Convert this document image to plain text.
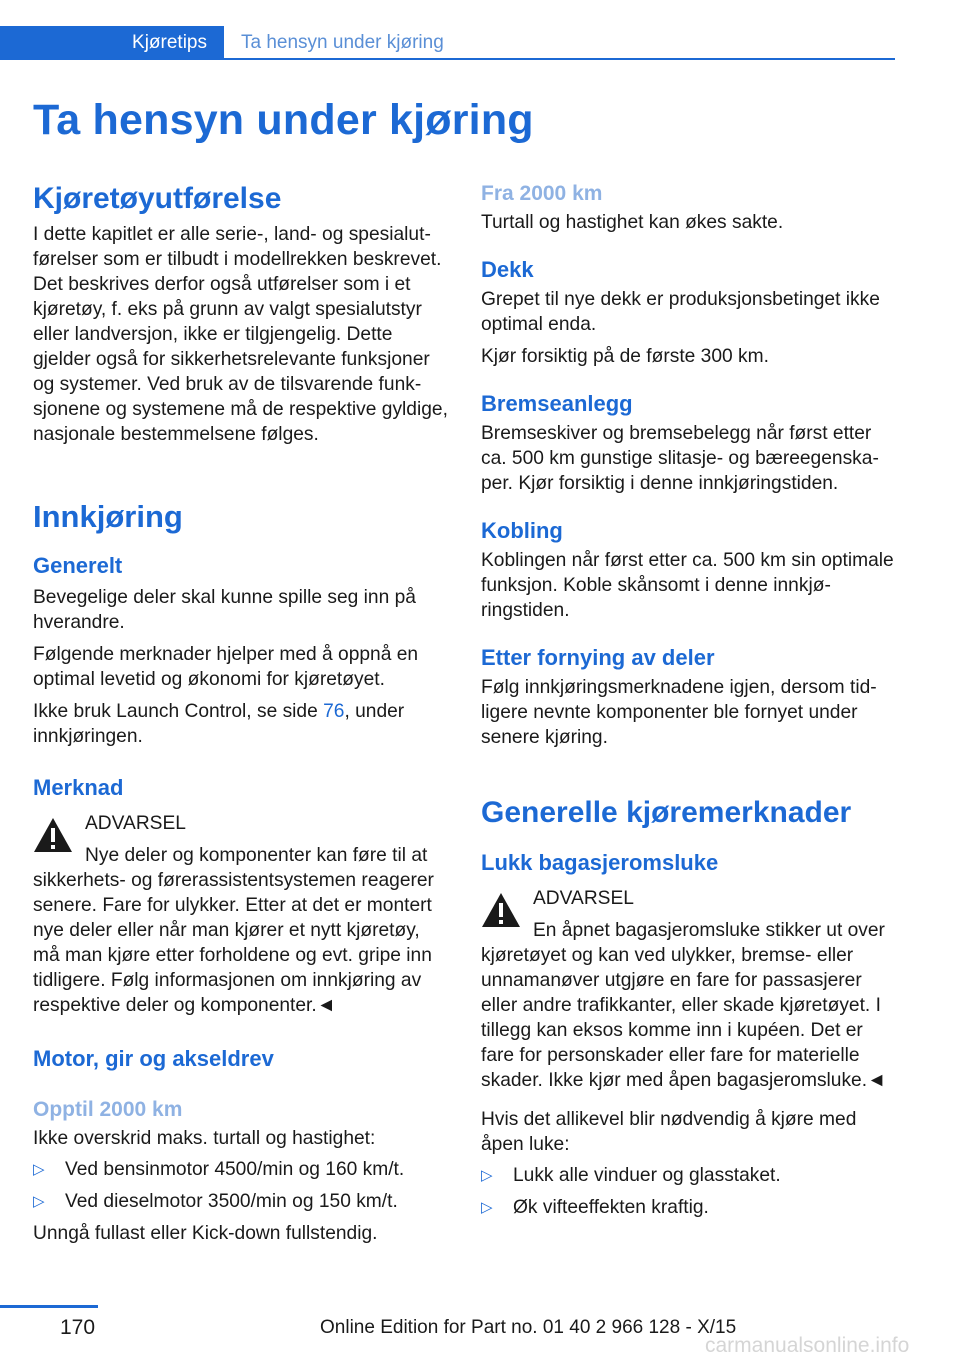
Kjøretips Ta hensyn under kjøring
Ta hensyn under kjøring
Kjøretøyutførelse

I dette kapitlet er alle serie-, land- og spesialutførelser som er tilbudt i modellrekken beskrevet. Det beskrives derfor også utførelser som i et kjøretøy, f. eks på grunn av valgt spesialutstyr eller landversjon, ikke er tilgjengelig. Dette gjelder også for sikkerhetsrelevante funksjoner og systemer. Ved bruk av de tilsvarende funksjonene og systemene må de respektive gyldige, nasjonale bestemmelsene følges.

Innkjøring
Generelt

Bevegelige deler skal kunne spille seg inn på hverandre.

Følgende merknader hjelper med å oppnå en optimal levetid og økonomi for kjøretøyet.

Ikke bruk Launch Control, se side 76, under innkjøringen.

Merknad

ADVARSEL

Nye deler og komponenter kan føre til at sikkerhets- og førerassistentsystemen reagerer senere. Fare for ulykker. Etter at det er montert nye deler eller når man kjører et nytt kjøretøy, må man kjøre etter forholdene og evt. gripe inn tidligere. Følg informasjonen om innkjøring av respektive deler og komponenter.◄

Motor, gir og akseldrev
Opptil 2000 km

Ikke overskrid maks. turtall og hastighet:

▷ Ved bensinmotor 4500/min og 160 km/t.
▷ Ved dieselmotor 3500/min og 150 km/t.

Unngå fullast eller Kick-down fullstendig.

Fra 2000 km

Turtall og hastighet kan økes sakte.

Dekk

Grepet til nye dekk er produksjonsbetinget ikke optimal enda.

Kjør forsiktig på de første 300 km.

Bremseanlegg

Bremseskiver og bremsebelegg når først etter ca. 500 km gunstige slitasje- og bæreegenskaper. Kjør forsiktig i denne innkjøringstiden.

Kobling

Koblingen når først etter ca. 500 km sin optimale funksjon. Koble skånsomt i denne innkjøringstiden.

Etter fornying av deler

Følg innkjøringsmerknadene igjen, dersom tidligere nevnte komponenter ble fornyet under senere kjøring.

Generelle kjøremerknader
Lukk bagasjeromsluke

ADVARSEL

En åpnet bagasjeromsluke stikker ut over kjøretøyet og kan ved ulykker, bremse- eller unnamanøver utgjøre en fare for passasjerer eller andre trafikkanter, eller skade kjøretøyet. I tillegg kan eksos komme inn i kupéen. Det er fare for personskader eller fare for materielle skader. Ikke kjør med åpen bagasjeromsluke.◄

Hvis det allikevel blir nødvendig å kjøre med åpen luke:

▷ Lukk alle vinduer og glasstaket.
▷ Øk vifteeffekten kraftig.
170	Online Edition for Part no. 01 40 2 966 128 - X/15
carmanualsonline.info
